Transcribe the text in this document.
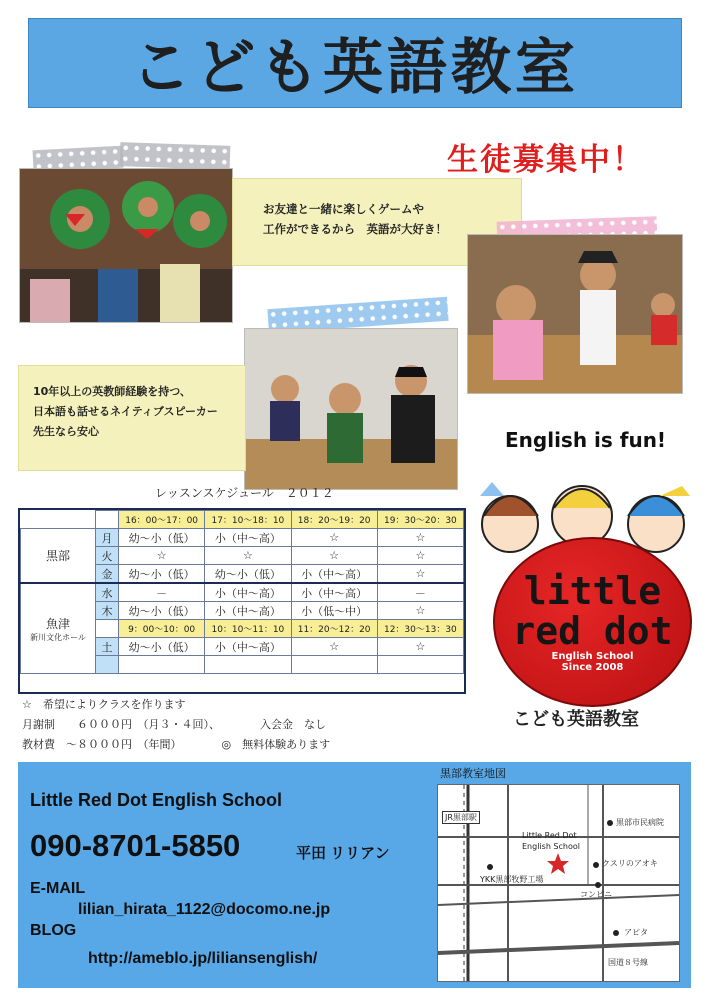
こども英語教室
生徒募集中！
お友達と一緒に楽しくゲームや
工作ができるから　英語が大好き！
10年以上の英教師経験を持つ、
日本語も話せるネイティブスピーカー
先生なら安心
レッスンスケジュール　２０１２
		16：00～17：00	17：10～18：10	18：20～19：20	19：30～20：30
黒部	月	幼～小（低）	小（中～高）	☆	☆
	火	☆	☆	☆	☆
	金	幼～小（低）	幼～小（低）	小（中～高）	☆

魚津
新川文化ホール	水	－	小（中～高）	小（中～高）	－
	木	幼～小（低）	小（中～高）	小（低～中）	☆
		9：00～10：00	10：10～11：10	11：20～12：20	12：30～13：30
	土	幼～小（低）	小（中～高）	☆	☆

☆　希望によりクラスを作ります
月謝制　　６０００円　（月３・４回）、	入会金　なし
教材費　～８０００円　（年間）	◎　無料体験あります
English is fun!
little
red dot
English School
Since 2008
こども英語教室
Little Red Dot English School
090-8701-5850	平田 リリアン
E-MAIL
lilian_hirata_1122@docomo.ne.jp
BLOG
http://ameblo.jp/liliansenglish/
黒部教室地図
JR黒部駅
Little Red Dot
English School
黒部市民病院
クスリのアオキ
YKK黒部牧野工場
コンビニ
アピタ
国道８号線
